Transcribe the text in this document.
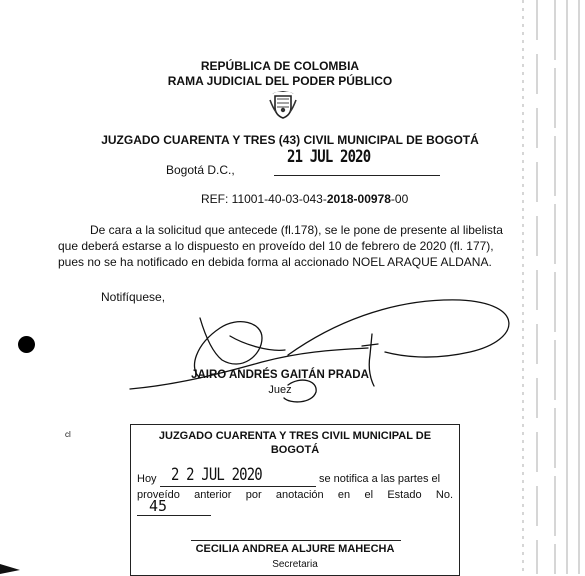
REPÚBLICA DE COLOMBIA
RAMA JUDICIAL DEL PODER PÚBLICO
JUZGADO CUARENTA Y TRES (43) CIVIL MUNICIPAL DE BOGOTÁ
Bogotá D.C.,
21 JUL 2020
REF: 11001-40-03-043-2018-00978-00
De cara a la solicitud que antecede (fl.178), se le pone de presente al libelista
que deberá estarse a lo dispuesto en proveído del 10 de febrero de 2020 (fl. 177),
pues no se ha notificado en debida forma al accionado NOEL ARAQUE ALDANA.
Notifíquese,
JAIRO ANDRÉS GAITÁN PRADA
Juez
cl	JUZGADO CUARENTA Y TRES CIVIL MUNICIPAL DE
BOGOTÁ
Hoy 2 2 JUL 2020	se notifica a las partes el
proveído anterior por anotación en el Estado No.
45
CECILIA ANDREA ALJURE MAHECHA
Secretaria
